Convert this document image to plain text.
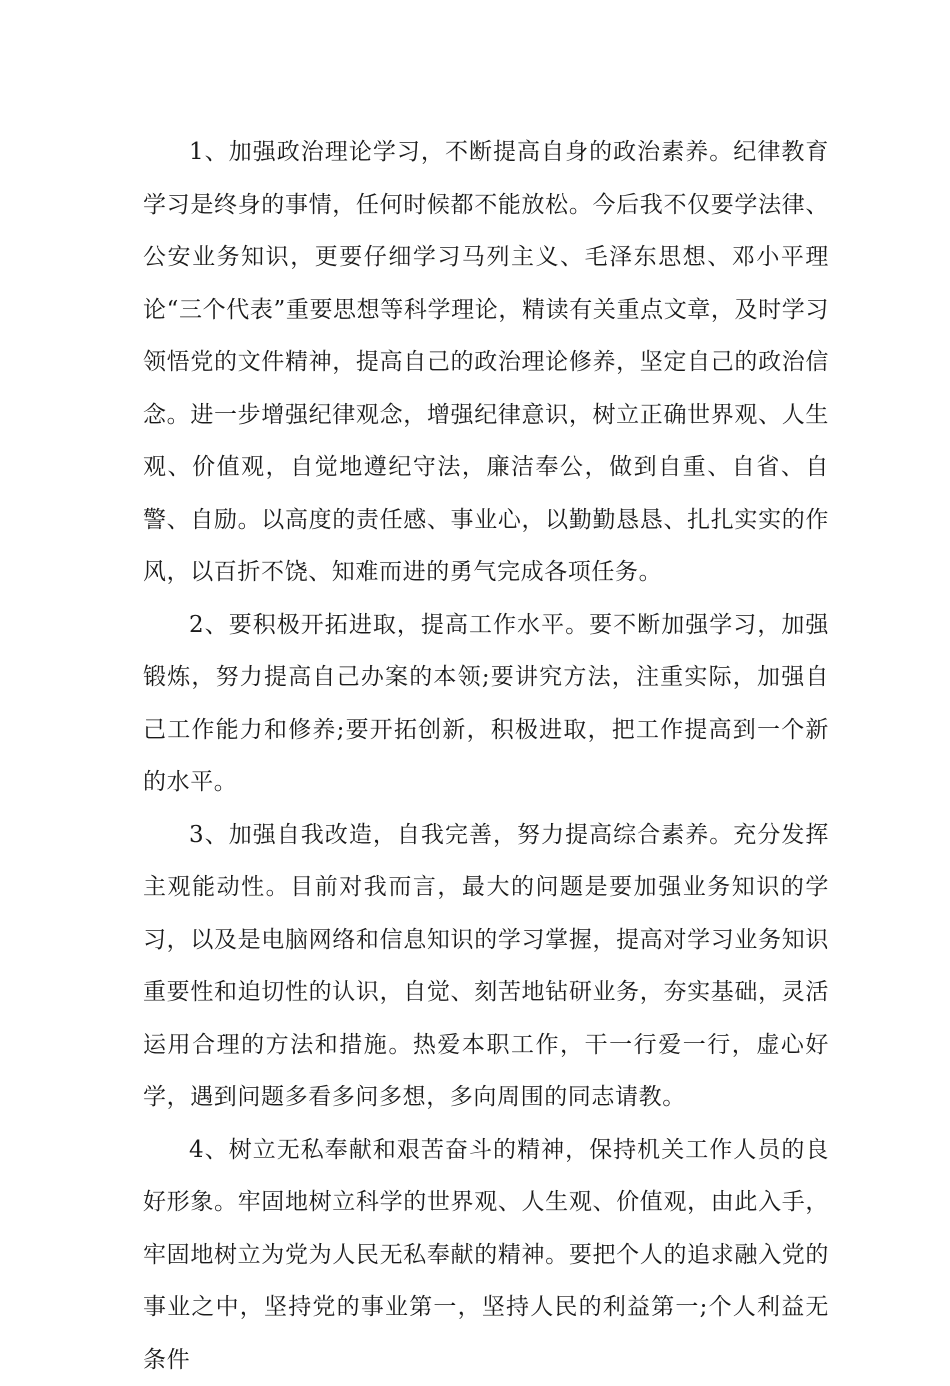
1、加强政治理论学习，不断提高自身的政治素养。纪律教育学习是终身的事情，任何时候都不能放松。今后我不仅要学法律、公安业务知识，更要仔细学习马列主义、毛泽东思想、邓小平理论“三个代表”重要思想等科学理论，精读有关重点文章，及时学习领悟党的文件精神，提高自己的政治理论修养，坚定自己的政治信念。进一步增强纪律观念，增强纪律意识，树立正确世界观、人生观、价值观，自觉地遵纪守法，廉洁奉公，做到自重、自省、自警、自励。以高度的责任感、事业心，以勤勤恳恳、扎扎实实的作风，以百折不饶、知难而进的勇气完成各项任务。

2、要积极开拓进取，提高工作水平。要不断加强学习，加强锻炼，努力提高自己办案的本领;要讲究方法，注重实际，加强自己工作能力和修养;要开拓创新，积极进取，把工作提高到一个新的水平。

3、加强自我改造，自我完善，努力提高综合素养。充分发挥主观能动性。目前对我而言，最大的问题是要加强业务知识的学习，以及是电脑网络和信息知识的学习掌握，提高对学习业务知识重要性和迫切性的认识，自觉、刻苦地钻研业务，夯实基础，灵活运用合理的方法和措施。热爱本职工作，干一行爱一行，虚心好学，遇到问题多看多问多想，多向周围的同志请教。

4、树立无私奉献和艰苦奋斗的精神，保持机关工作人员的良好形象。牢固地树立科学的世界观、人生观、价值观，由此入手，牢固地树立为党为人民无私奉献的精神。要把个人的追求融入党的事业之中，坚持党的事业第一，坚持人民的利益第一;个人利益无条件
